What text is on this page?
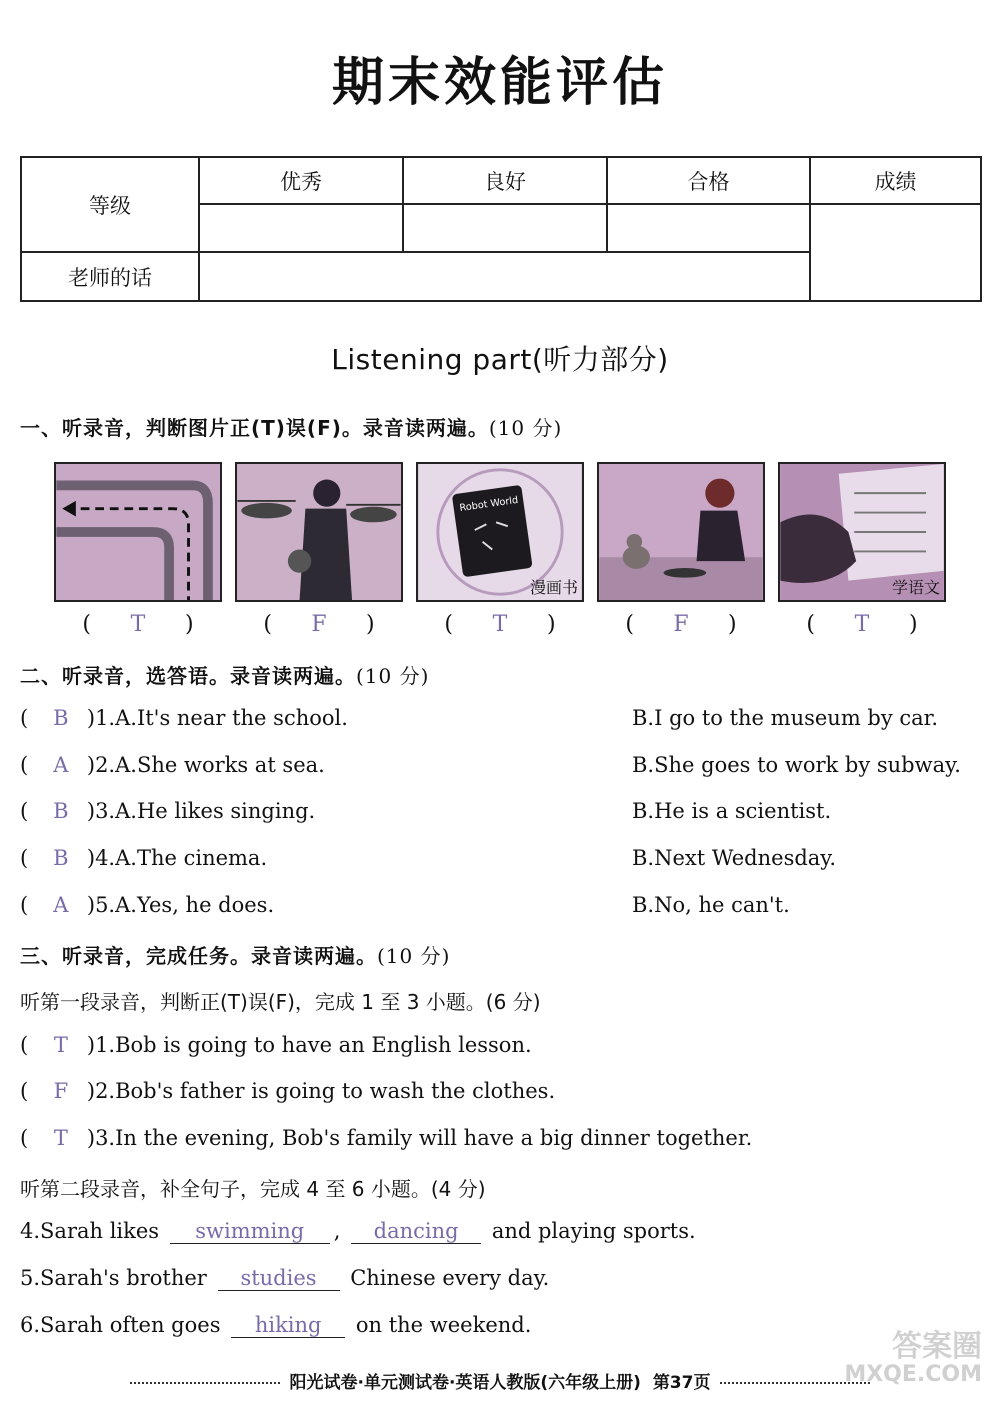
期末效能评估
等级	优秀	良好	合格	成绩

老师的话				
Listening part(听力部分)
一、听录音，判断图片正(T)误(F)。录音读两遍。(10 分)
Robot World
漫画书	学语文
( T )	( F )	( T )	( F )	( T )
二、听录音，选答语。录音读两遍。(10 分)
( B )1.A.It's near the school.	B.I go to the museum by car.
( A )2.A.She works at sea.	B.She goes to work by subway.
( B )3.A.He likes singing.	B.He is a scientist.
( B )4.A.The cinema.	B.Next Wednesday.
( A )5.A.Yes, he does.	B.No, he can't.
三、听录音，完成任务。录音读两遍。(10 分)
听第一段录音，判断正(T)误(F)，完成 1 至 3 小题。(6 分)
( T )1.Bob is going to have an English lesson.
( F )2.Bob's father is going to wash the clothes.
( T )3.In the evening, Bob's family will have a big dinner together.
听第二段录音，补全句子，完成 4 至 6 小题。(4 分)
4.Sarah likes swimming , dancing and playing sports.
5.Sarah's brother studies Chinese every day.
6.Sarah often goes hiking on the weekend.
阳光试卷·单元测试卷·英语人教版(六年级上册) 第37页
答案圈
MXQE.COM
